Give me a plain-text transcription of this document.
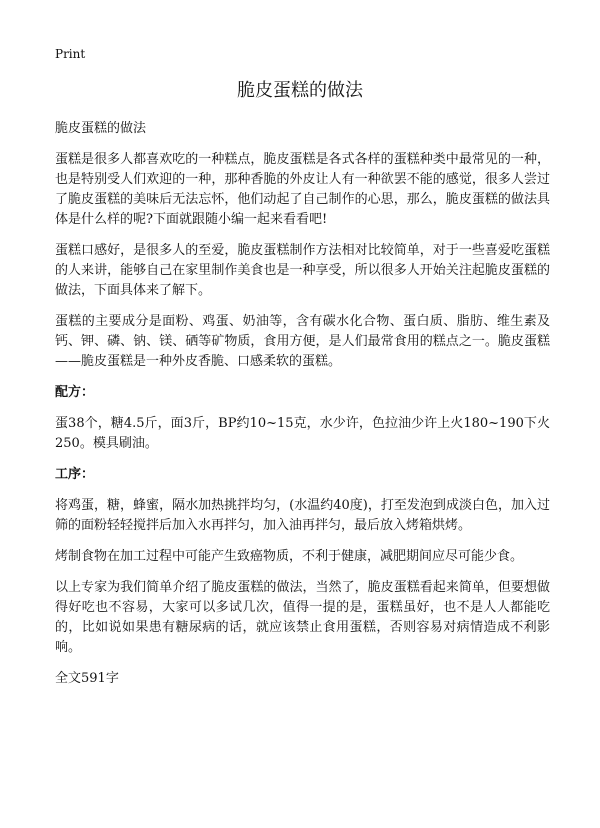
Print
脆皮蛋糕的做法

脆皮蛋糕的做法

蛋糕是很多人都喜欢吃的一种糕点，脆皮蛋糕是各式各样的蛋糕种类中最常见的一种，也是特别受人们欢迎的一种，那种香脆的外皮让人有一种欲罢不能的感觉，很多人尝过了脆皮蛋糕的美味后无法忘怀，他们动起了自己制作的心思，那么，脆皮蛋糕的做法具体是什么样的呢?下面就跟随小编一起来看看吧!

蛋糕口感好，是很多人的至爱，脆皮蛋糕制作方法相对比较简单，对于一些喜爱吃蛋糕的人来讲，能够自己在家里制作美食也是一种享受，所以很多人开始关注起脆皮蛋糕的做法，下面具体来了解下。

蛋糕的主要成分是面粉、鸡蛋、奶油等，含有碳水化合物、蛋白质、脂肪、维生素及钙、钾、磷、钠、镁、硒等矿物质，食用方便，是人们最常食用的糕点之一。脆皮蛋糕——脆皮蛋糕是一种外皮香脆、口感柔软的蛋糕。

配方：

蛋38个，糖4.5斤，面3斤，BP约10~15克，水少许，色拉油少许上火180~190下火250。模具刷油。

工序：

将鸡蛋，糖，蜂蜜，隔水加热挑拌均匀，(水温约40度)，打至发泡到成淡白色，加入过筛的面粉轻轻搅拌后加入水再拌匀，加入油再拌匀，最后放入烤箱烘烤。

烤制食物在加工过程中可能产生致癌物质，不利于健康，减肥期间应尽可能少食。

以上专家为我们简单介绍了脆皮蛋糕的做法，当然了，脆皮蛋糕看起来简单，但要想做得好吃也不容易，大家可以多试几次，值得一提的是，蛋糕虽好，也不是人人都能吃的，比如说如果患有糖尿病的话，就应该禁止食用蛋糕，否则容易对病情造成不利影响。

全文591字
